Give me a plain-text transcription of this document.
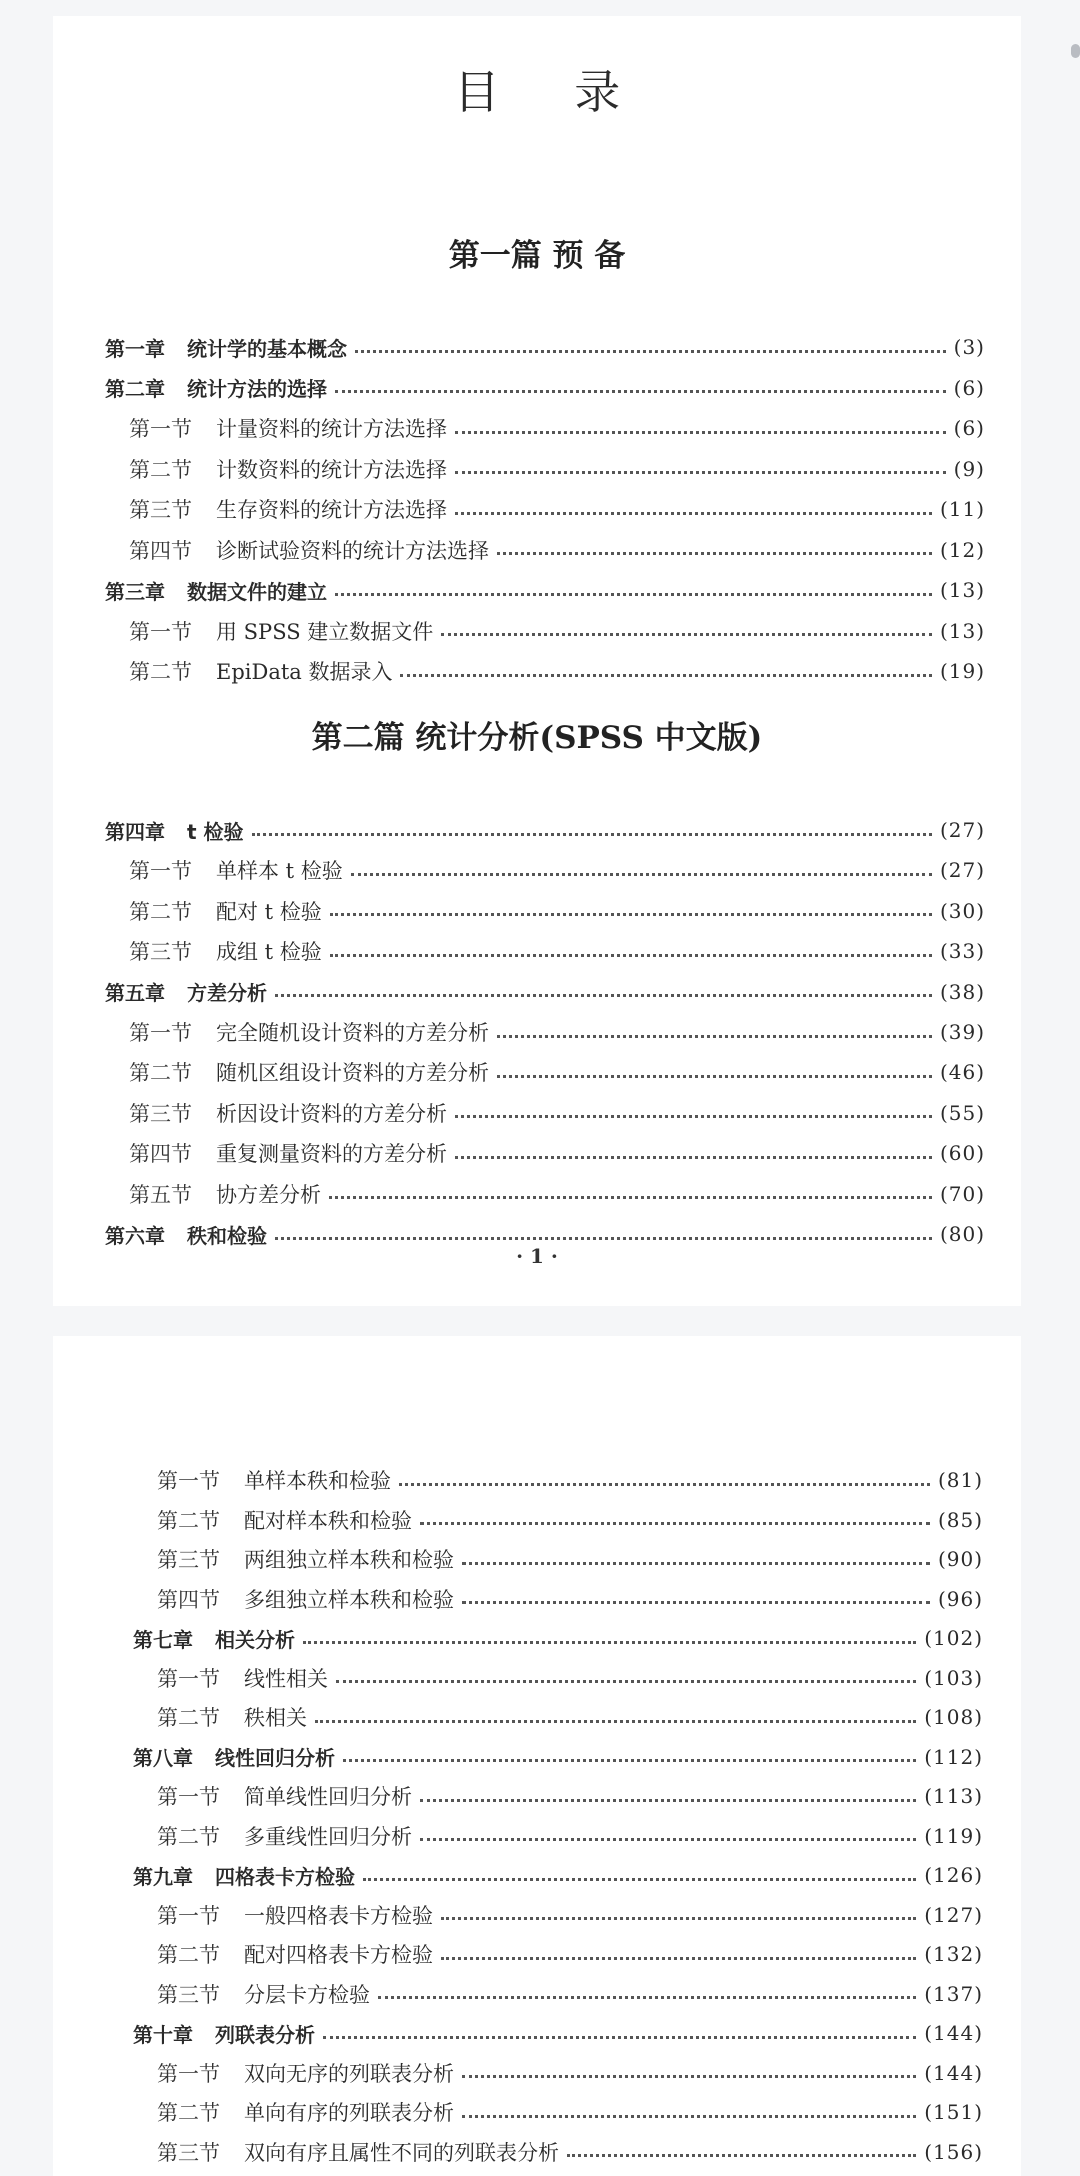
目 录
第一篇 预 备
第二篇 统计分析(SPSS 中文版)
第一章 统计学的基本概念	(3)
第二章 统计方法的选择	(6)
第一节 计量资料的统计方法选择	(6)
第二节 计数资料的统计方法选择	(9)
第三节 生存资料的统计方法选择	(11)
第四节 诊断试验资料的统计方法选择	(12)
第三章 数据文件的建立	(13)
第一节 用 SPSS 建立数据文件	(13)
第二节 EpiData 数据录入	(19)
第四章 t 检验	(27)
第一节 单样本 t 检验	(27)
第二节 配对 t 检验	(30)
第三节 成组 t 检验	(33)
第五章 方差分析	(38)
第一节 完全随机设计资料的方差分析	(39)
第二节 随机区组设计资料的方差分析	(46)
第三节 析因设计资料的方差分析	(55)
第四节 重复测量资料的方差分析	(60)
第五节 协方差分析	(70)
第六章 秩和检验	(80)
· 1 ·
第一节 单样本秩和检验	(81)
第二节 配对样本秩和检验	(85)
第三节 两组独立样本秩和检验	(90)
第四节 多组独立样本秩和检验	(96)
第七章 相关分析	(102)
第一节 线性相关	(103)
第二节 秩相关	(108)
第八章 线性回归分析	(112)
第一节 简单线性回归分析	(113)
第二节 多重线性回归分析	(119)
第九章 四格表卡方检验	(126)
第一节 一般四格表卡方检验	(127)
第二节 配对四格表卡方检验	(132)
第三节 分层卡方检验	(137)
第十章 列联表分析	(144)
第一节 双向无序的列联表分析	(144)
第二节 单向有序的列联表分析	(151)
第三节 双向有序且属性不同的列联表分析	(156)
